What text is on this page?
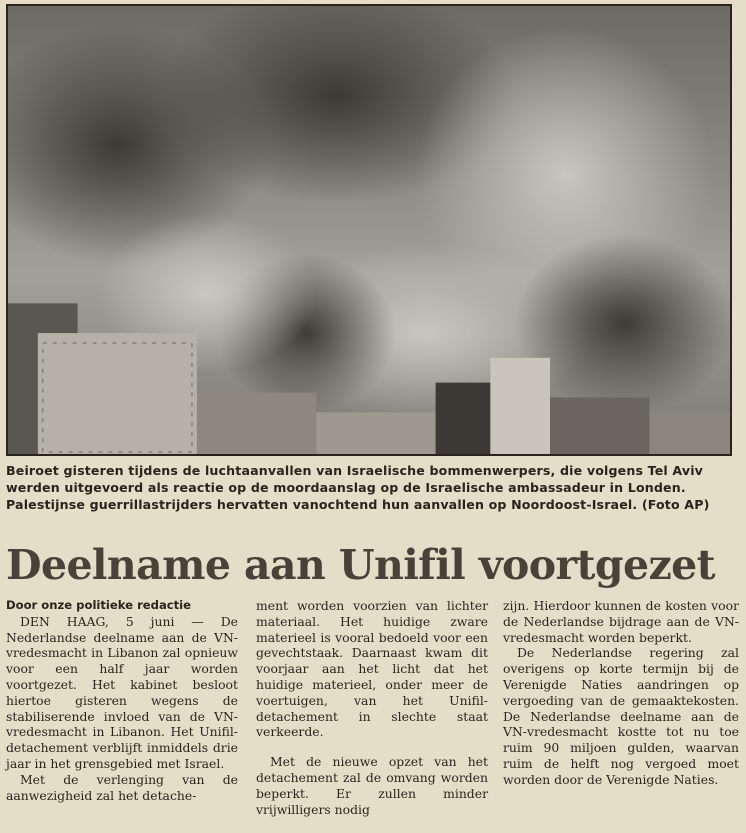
Beiroet gisteren tijdens de luchtaanvallen van Israelische bommenwerpers, die volgens Tel Aviv werden uitgevoerd als reactie op de moordaanslag op de Israelische ambassadeur in Londen. Palestijnse guerrillastrijders hervatten vanochtend hun aanvallen op Noordoost-Israel. (Foto AP)

Deelname aan Unifil voortgezet

Door onze politieke redactie

DEN HAAG, 5 juni — De Nederlandse deelname aan de VN-vredesmacht in Libanon zal opnieuw voor een half jaar worden voortgezet. Het kabinet besloot hiertoe gisteren wegens de stabiliserende invloed van de VN-vredesmacht in Libanon. Het Unifil-detachement verblijft inmiddels drie jaar in het grensgebied met Israel.

Met de verlenging van de aanwezigheid zal het detache-

ment worden voorzien van lichter materiaal. Het huidige zware materieel is vooral bedoeld voor een gevechtstaak. Daarnaast kwam dit voorjaar aan het licht dat het huidige materieel, onder meer de voertuigen, van het Unifil-detachement in slechte staat verkeerde.

Met de nieuwe opzet van het detachement zal de omvang worden beperkt. Er zullen minder vrijwilligers nodig

zijn. Hierdoor kunnen de kosten voor de Nederlandse bijdrage aan de VN-vredesmacht worden beperkt.

De Nederlandse regering zal overigens op korte termijn bij de Verenigde Naties aandringen op vergoeding van de gemaaktekosten. De Nederlandse deelname aan de VN-vredesmacht kostte tot nu toe ruim 90 miljoen gulden, waarvan ruim de helft nog vergoed moet worden door de Verenigde Naties.
